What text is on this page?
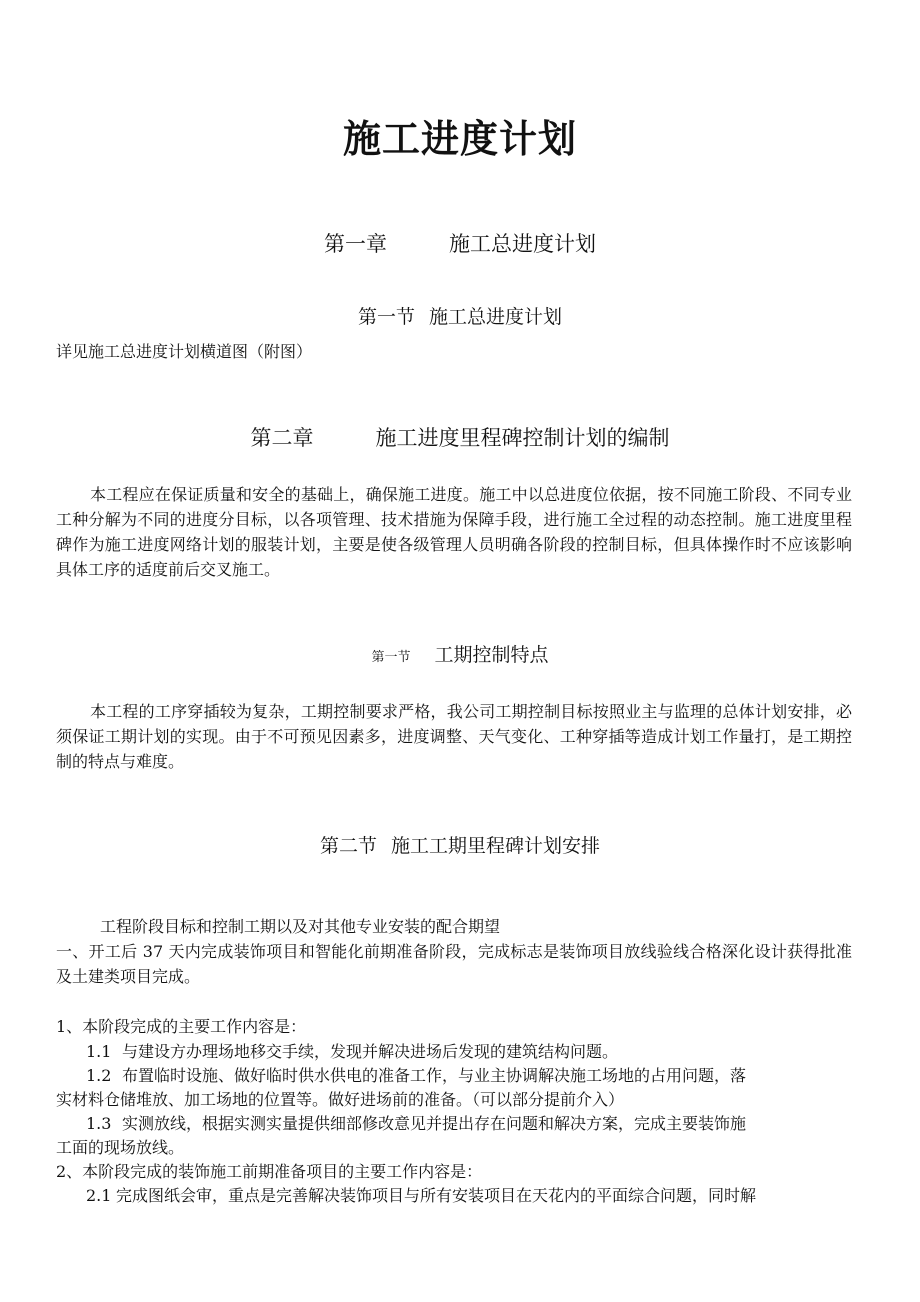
施工进度计划
第一章	施工总进度计划
第一节 施工总进度计划
详见施工总进度计划横道图（附图）
第二章	施工进度里程碑控制计划的编制
本工程应在保证质量和安全的基础上，确保施工进度。施工中以总进度位依据，按不同施工阶段、不同专业工种分解为不同的进度分目标，以各项管理、技术措施为保障手段，进行施工全过程的动态控制。施工进度里程碑作为施工进度网络计划的服装计划，主要是使各级管理人员明确各阶段的控制目标，但具体操作时不应该影响具体工序的适度前后交叉施工。
第一节 工期控制特点
本工程的工序穿插较为复杂，工期控制要求严格，我公司工期控制目标按照业主与监理的总体计划安排，必须保证工期计划的实现。由于不可预见因素多，进度调整、天气变化、工种穿插等造成计划工作量打，是工期控制的特点与难度。
第二节 施工工期里程碑计划安排
工程阶段目标和控制工期以及对其他专业安装的配合期望
一、开工后 37 天内完成装饰项目和智能化前期准备阶段，完成标志是装饰项目放线验线合格深化设计获得批准及土建类项目完成。
1、本阶段完成的主要工作内容是：
1.1 与建设方办理场地移交手续，发现并解决进场后发现的建筑结构问题。
1.2 布置临时设施、做好临时供水供电的准备工作，与业主协调解决施工场地的占用问题，落
实材料仓储堆放、加工场地的位置等。做好进场前的准备。（可以部分提前介入）
1.3 实测放线，根据实测实量提供细部修改意见并提出存在问题和解决方案，完成主要装饰施
工面的现场放线。
2、本阶段完成的装饰施工前期准备项目的主要工作内容是：
2.1 完成图纸会审，重点是完善解决装饰项目与所有安装项目在天花内的平面综合问题，同时解
